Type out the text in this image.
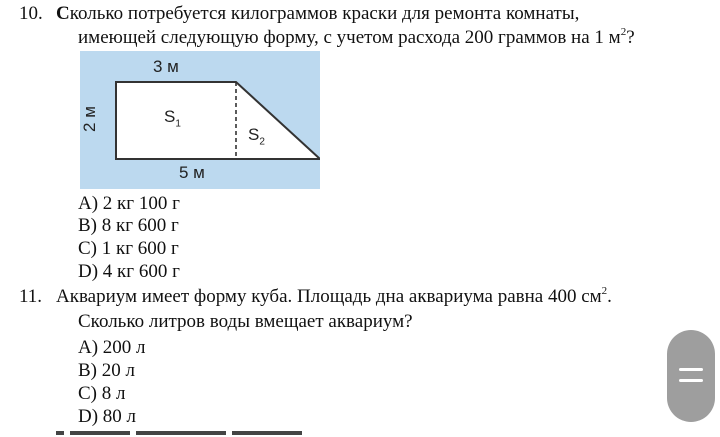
10. Сколько потребуется килограммов краски для ремонта комнаты,
имеющей следующую форму, с учетом расхода 200 граммов на 1 $м^2$?
3 м
5 м
2 м	$S_1$
$S_2$
А) 2 кг 100 г
В) 8 кг 600 г
С) 1 кг 600 г
D) 4 кг 600 г
11. Аквариум имеет форму куба. Площадь дна аквариума равна 400 $см^2$.
Сколько литров воды вмещает аквариум?
А) 200 л
В) 20 л
С) 8 л
D) 80 л
